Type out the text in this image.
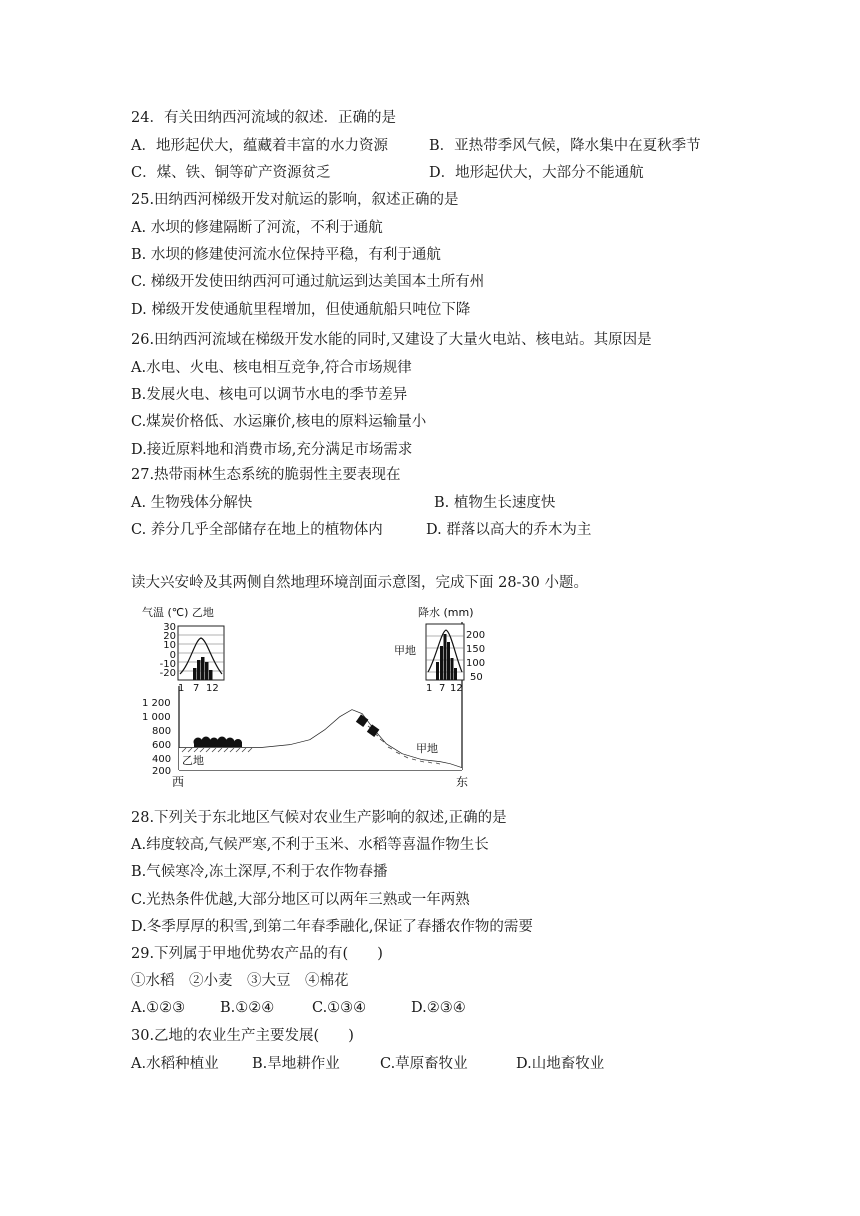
24．有关田纳西河流域的叙述．正确的是
A．地形起伏大，蕴藏着丰富的水力资源	B．亚热带季风气候，降水集中在夏秋季节
C．煤、铁、铜等矿产资源贫乏	D．地形起伏大，大部分不能通航
25.田纳西河梯级开发对航运的影响，叙述正确的是
A. 水坝的修建隔断了河流，不利于通航
B. 水坝的修建使河流水位保持平稳，有利于通航
C. 梯级开发使田纳西河可通过航运到达美国本土所有州
D. 梯级开发使通航里程增加，但使通航船只吨位下降
26.田纳西河流域在梯级开发水能的同时,又建设了大量火电站、核电站。其原因是
A.水电、火电、核电相互竞争,符合市场规律
B.发展火电、核电可以调节水电的季节差异
C.煤炭价格低、水运廉价,核电的原料运输量小
D.接近原料地和消费市场,充分满足市场需求
27.热带雨林生态系统的脆弱性主要表现在
A. 生物残体分解快	B. 植物生长速度快
C. 养分几乎全部储存在地上的植物体内	D. 群落以高大的乔木为主
读大兴安岭及其两侧自然地理环境剖面示意图，完成下面 28-30 小题。
1 200
1 000
800
600
400
200
甲地
乙地
西	东
气温 (℃) 乙地
30
20
10
0
-10
-20
1 7 12
降水 (mm)
甲地
200
150
100
50
1 7 12
28.下列关于东北地区气候对农业生产影响的叙述,正确的是
A.纬度较高,气候严寒,不利于玉米、水稻等喜温作物生长
B.气候寒冷,冻土深厚,不利于农作物春播
C.光热条件优越,大部分地区可以两年三熟或一年两熟
D.冬季厚厚的积雪,到第二年春季融化,保证了春播农作物的需要
29.下列属于甲地优势农产品的有(　　)
①水稻　②小麦　③大豆　④棉花
A.①②③ B.①②④	C.①③④	D.②③④
30.乙地的农业生产主要发展(　　)
A.水稻种植业 B.旱地耕作业	C.草原畜牧业	D.山地畜牧业
